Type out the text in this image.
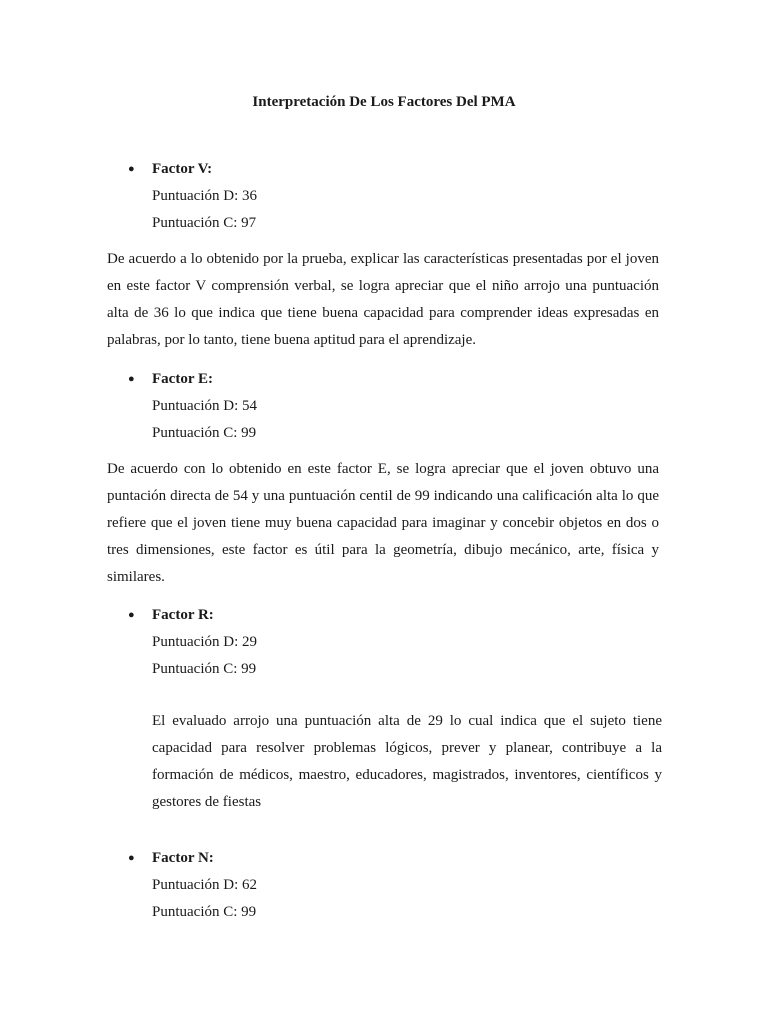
Interpretación De Los Factores Del PMA
● Factor V:
Puntuación D: 36
Puntuación C: 97
De acuerdo a lo obtenido por la prueba, explicar las características presentadas por el joven en este factor V comprensión verbal, se logra apreciar que el niño arrojo una puntuación alta de 36 lo que indica que tiene buena capacidad para comprender ideas expresadas en palabras, por lo tanto, tiene buena aptitud para el aprendizaje.
● Factor E:
Puntuación D: 54
Puntuación C: 99
De acuerdo con lo obtenido en este factor E, se logra apreciar que el joven obtuvo una puntación directa de 54 y una puntuación centil de 99 indicando una calificación alta lo que refiere que el joven tiene muy buena capacidad para imaginar y concebir objetos en dos o tres dimensiones, este factor es útil para la geometría, dibujo mecánico, arte, física y similares.
● Factor R:
Puntuación D: 29
Puntuación C: 99
El evaluado arrojo una puntuación alta de 29 lo cual indica que el sujeto tiene capacidad para resolver problemas lógicos, prever y planear, contribuye a la formación de médicos, maestro, educadores, magistrados, inventores, científicos y gestores de fiestas
● Factor N:
Puntuación D: 62
Puntuación C: 99
